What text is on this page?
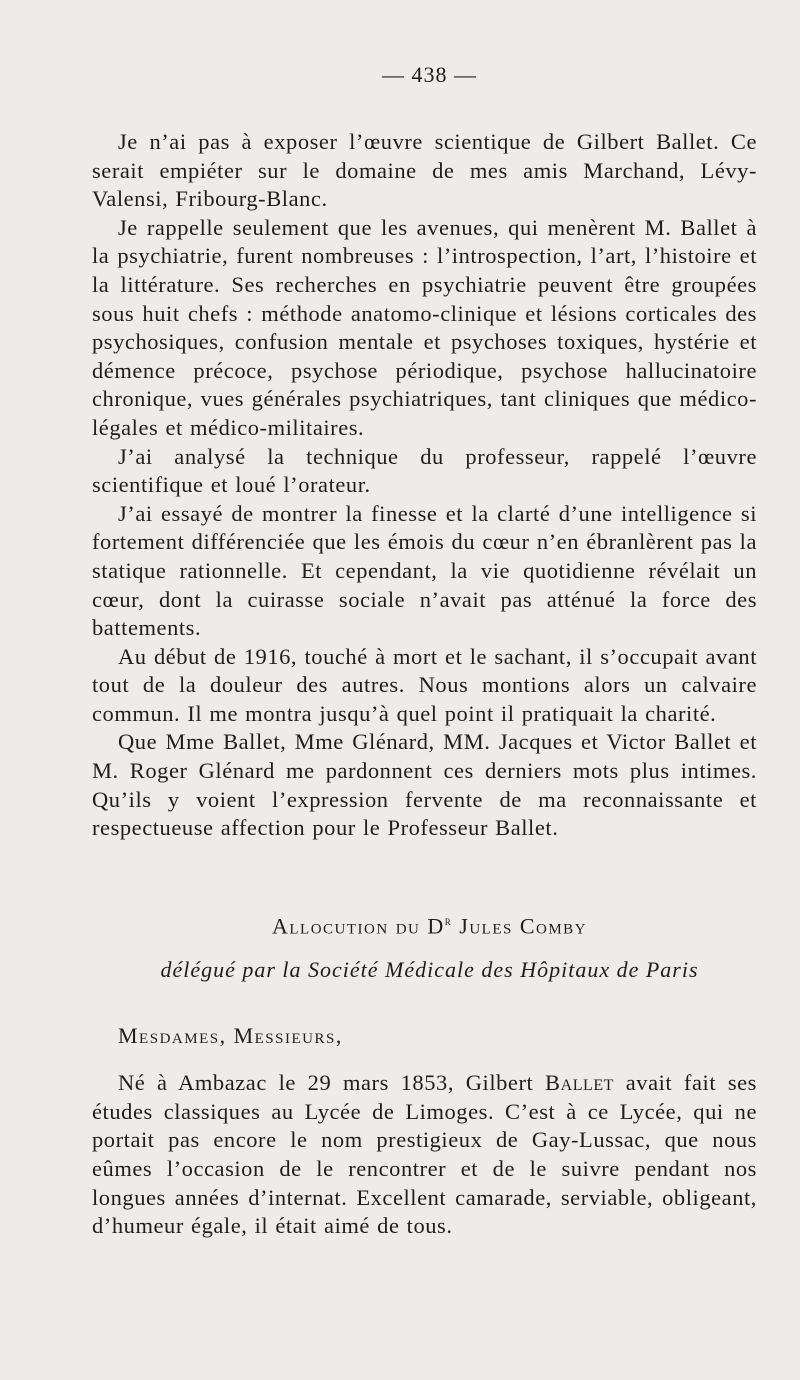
— 438 —

Je n’ai pas à exposer l’œuvre scientique de Gilbert Ballet. Ce serait empiéter sur le domaine de mes amis Marchand, Lévy-Valensi, Fribourg-Blanc.

Je rappelle seulement que les avenues, qui menèrent M. Ballet à la psychiatrie, furent nombreuses : l’introspection, l’art, l’histoire et la littérature. Ses recherches en psychiatrie peuvent être groupées sous huit chefs : méthode anatomo-clinique et lésions corticales des psychosiques, confusion mentale et psychoses toxiques, hystérie et démence précoce, psychose périodique, psychose hallucinatoire chronique, vues générales psychiatriques, tant cliniques que médico-légales et médico-militaires.

J’ai analysé la technique du professeur, rappelé l’œuvre scientifique et loué l’orateur.

J’ai essayé de montrer la finesse et la clarté d’une intelligence si fortement différenciée que les émois du cœur n’en ébranlèrent pas la statique rationnelle. Et cependant, la vie quotidienne révélait un cœur, dont la cuirasse sociale n’avait pas atténué la force des battements.

Au début de 1916, touché à mort et le sachant, il s’occupait avant tout de la douleur des autres. Nous montions alors un calvaire commun. Il me montra jusqu’à quel point il pratiquait la charité.

Que Mme Ballet, Mme Glénard, MM. Jacques et Victor Ballet et M. Roger Glénard me pardonnent ces derniers mots plus intimes. Qu’ils y voient l’expression fervente de ma reconnaissante et respectueuse affection pour le Professeur Ballet.

Allocution du $D^r$ Jules Comby
délégué par la Société Médicale des Hôpitaux de Paris
Mesdames, Messieurs,

Né à Ambazac le 29 mars 1853, Gilbert Ballet avait fait ses études classiques au Lycée de Limoges. C’est à ce Lycée, qui ne portait pas encore le nom prestigieux de Gay-Lussac, que nous eûmes l’occasion de le rencontrer et de le suivre pendant nos longues années d’internat. Excellent camarade, serviable, obligeant, d’humeur égale, il était aimé de tous.
